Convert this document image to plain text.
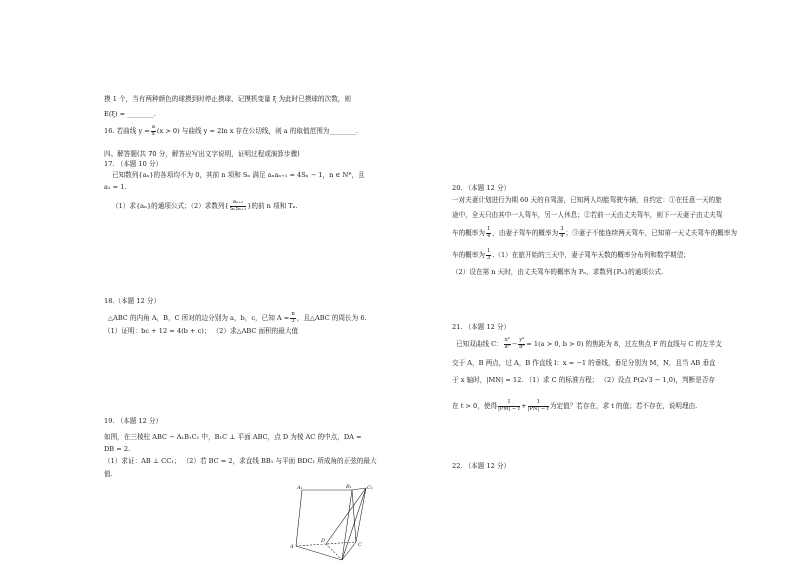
摸 1 个，当有两种颜色的球摸到时停止摸球，记摸机变量 ξ 为此时已摸球的次数，则
E(ξ) = ________.
16. 若曲线 $y = \frac{a}{x} (x > 0)$ 与曲线 y = 2ln x 存在公切线，则 a 的取值范围为________.
四、解答题(共 70 分，解答应写出文字说明，证明过程或演算步骤)
17. （本题 10 分）
已知数列{aₙ}的各项均不为 0，其前 n 项和 Sₙ 满足 aₙaₙ₊₁ = 4Sₙ − 1，n ∈ N*，且
a₁ = 1.
（1）求{aₙ}的通项公式；（2）求数列{ $\frac{\text{aₙ₊₁}}{\text{SₙSₙ₊₁}}$ }的前 n 项和 Tₙ.
18.（本题 12 分）
△ABC 的内角 A，B，C 所对的边分别为 a，b，c，已知 $A = \frac{\pi}{3}$ ，且△ABC 的周长为 6.
（1）证明：bc + 12 = 4(b + c)； （2）求△ABC 面积的最大值
19. （本题 12 分）
如图，在三棱柱 ABC − A₁B₁C₁ 中，B₁C ⊥ 平面 ABC，点 D 为棱 AC 的中点，DA =
DB = 2.
（1）求证：AB ⊥ CC₁； （2）若 BC = 2，求直线 BB₁ 与平面 BDC₁ 所成角的正弦的最大
值.
A	C
D
A₁	B₁	C₁
20. （本题 12 分）
一对夫妻计划进行为期 60 天的自驾游，已知两人均能驾驶车辆，自约定：①在任意一天的旅
途中，全天只由其中一人驾车，另一人休息；②若前一天由丈夫驾车，则下一天妻子由丈夫驾
车的概率为 $\frac{1}{4}$ ，由妻子驾车的概率为 $\frac{3}{4}$ ；③妻子不能连续两天驾车，已知第一天丈夫驾车的概率为
车的概率为 $\frac{1}{3} .(1)$在旅开始的三天中，妻子驾车天数的概率分布列和数学期望；
（2）设在第 n 天时，由丈夫驾车的概率为 Pₙ，求数列{Pₙ}的通项公式.
21. （本题 12 分）
已知双曲线 C： $\frac{\text{x²}}{\text{a²}} - \frac{\text{y²}}{\text{b²}} = 1(a > 0$, b > 0) 的焦距为 8，过左焦点 F 的直线与 C 的左半支
交于 A，B 两点，过 A，B 作直线 l：x = −1 的垂线，垂足分别为 M，N，且当 AB 垂直
于 x 轴时，|MN| = 12. （1）求 C 的标准方程； （2）设点 P(2√3 − 1,0)，判断是否存
在 t > 0，使得 $\frac{1}{|PM| - t} + \frac{1}{|PN| - t}$ 为定值？若存在，求 t 的值；若不存在，说明理由.
22. （本题 12 分）
